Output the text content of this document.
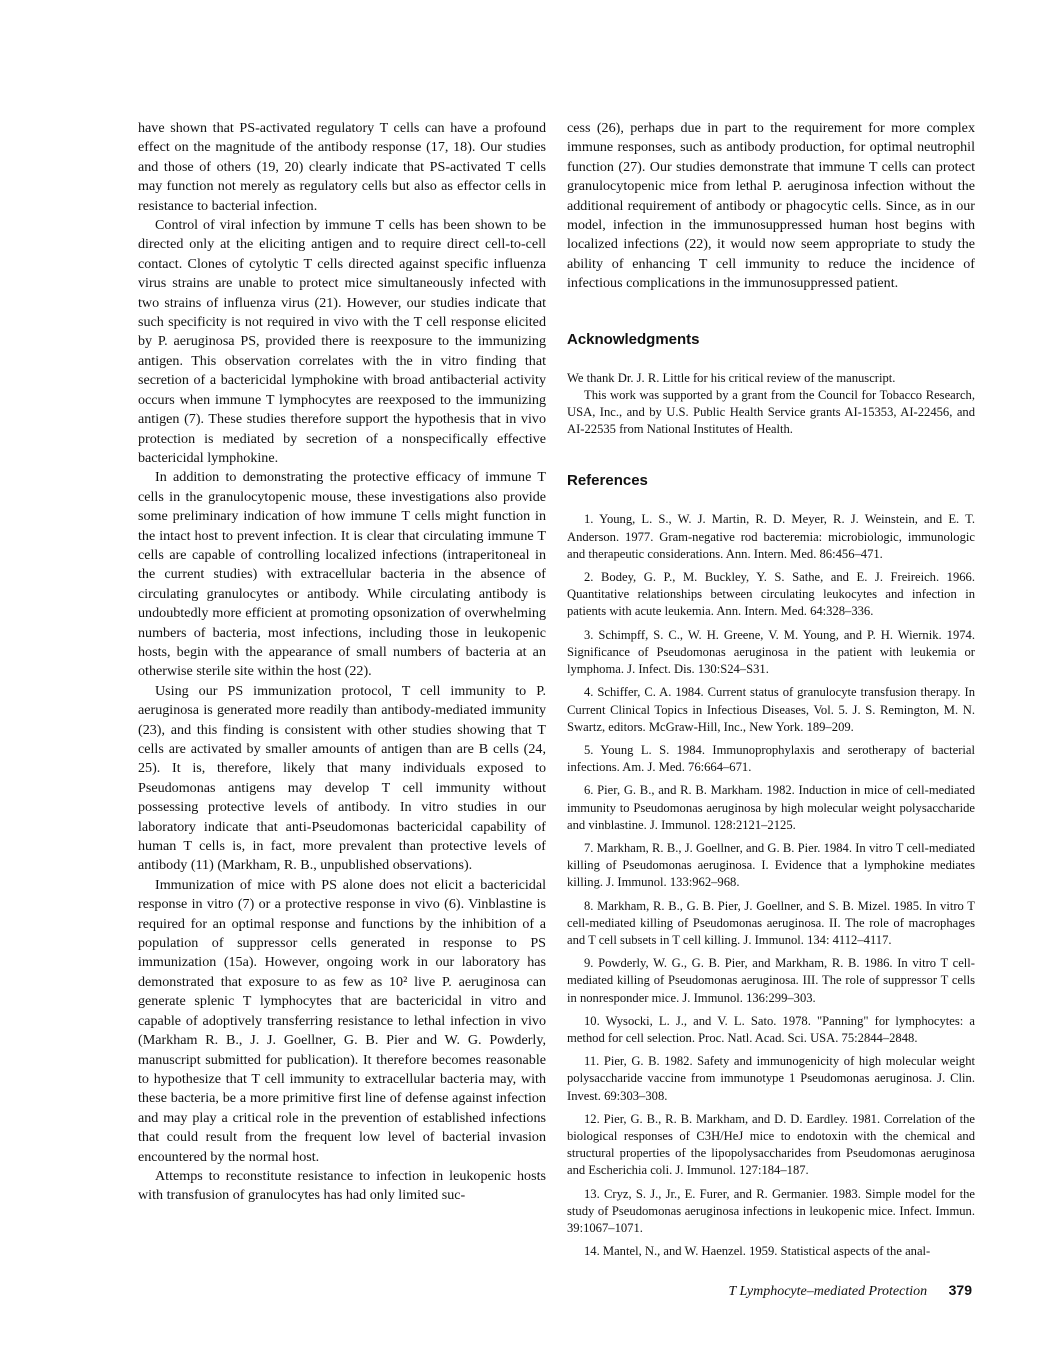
have shown that PS-activated regulatory T cells can have a profound effect on the magnitude of the antibody response (17, 18). Our studies and those of others (19, 20) clearly indicate that PS-activated T cells may function not merely as regulatory cells but also as effector cells in resistance to bacterial infection.

Control of viral infection by immune T cells has been shown to be directed only at the eliciting antigen and to require direct cell-to-cell contact. Clones of cytolytic T cells directed against specific influenza virus strains are unable to protect mice simultaneously infected with two strains of influenza virus (21). However, our studies indicate that such specificity is not required in vivo with the T cell response elicited by P. aeruginosa PS, provided there is reexposure to the immunizing antigen. This observation correlates with the in vitro finding that secretion of a bactericidal lymphokine with broad antibacterial activity occurs when immune T lymphocytes are reexposed to the immunizing antigen (7). These studies therefore support the hypothesis that in vivo protection is mediated by secretion of a nonspecifically effective bactericidal lymphokine.

In addition to demonstrating the protective efficacy of immune T cells in the granulocytopenic mouse, these investigations also provide some preliminary indication of how immune T cells might function in the intact host to prevent infection. It is clear that circulating immune T cells are capable of controlling localized infections (intraperitoneal in the current studies) with extracellular bacteria in the absence of circulating granulocytes or antibody. While circulating antibody is undoubtedly more efficient at promoting opsonization of overwhelming numbers of bacteria, most infections, including those in leukopenic hosts, begin with the appearance of small numbers of bacteria at an otherwise sterile site within the host (22).

Using our PS immunization protocol, T cell immunity to P. aeruginosa is generated more readily than antibody-mediated immunity (23), and this finding is consistent with other studies showing that T cells are activated by smaller amounts of antigen than are B cells (24, 25). It is, therefore, likely that many individuals exposed to Pseudomonas antigens may develop T cell immunity without possessing protective levels of antibody. In vitro studies in our laboratory indicate that anti-Pseudomonas bactericidal capability of human T cells is, in fact, more prevalent than protective levels of antibody (11) (Markham, R. B., unpublished observations).

Immunization of mice with PS alone does not elicit a bactericidal response in vitro (7) or a protective response in vivo (6). Vinblastine is required for an optimal response and functions by the inhibition of a population of suppressor cells generated in response to PS immunization (15a). However, ongoing work in our laboratory has demonstrated that exposure to as few as 10² live P. aeruginosa can generate splenic T lymphocytes that are bactericidal in vitro and capable of adoptively transferring resistance to lethal infection in vivo (Markham R. B., J. J. Goellner, G. B. Pier and W. G. Powderly, manuscript submitted for publication). It therefore becomes reasonable to hypothesize that T cell immunity to extracellular bacteria may, with these bacteria, be a more primitive first line of defense against infection and may play a critical role in the prevention of established infections that could result from the frequent low level of bacterial invasion encountered by the normal host.

Attemps to reconstitute resistance to infection in leukopenic hosts with transfusion of granulocytes has had only limited suc-

cess (26), perhaps due in part to the requirement for more complex immune responses, such as antibody production, for optimal neutrophil function (27). Our studies demonstrate that immune T cells can protect granulocytopenic mice from lethal P. aeruginosa infection without the additional requirement of antibody or phagocytic cells. Since, as in our model, infection in the immunosuppressed human host begins with localized infections (22), it would now seem appropriate to study the ability of enhancing T cell immunity to reduce the incidence of infectious complications in the immunosuppressed patient.

Acknowledgments

We thank Dr. J. R. Little for his critical review of the manuscript.

This work was supported by a grant from the Council for Tobacco Research, USA, Inc., and by U.S. Public Health Service grants AI-15353, AI-22456, and AI-22535 from National Institutes of Health.

References
1. Young, L. S., W. J. Martin, R. D. Meyer, R. J. Weinstein, and E. T. Anderson. 1977. Gram-negative rod bacteremia: microbiologic, immunologic and therapeutic considerations. Ann. Intern. Med. 86:456–471.
2. Bodey, G. P., M. Buckley, Y. S. Sathe, and E. J. Freireich. 1966. Quantitative relationships between circulating leukocytes and infection in patients with acute leukemia. Ann. Intern. Med. 64:328–336.
3. Schimpff, S. C., W. H. Greene, V. M. Young, and P. H. Wiernik. 1974. Significance of Pseudomonas aeruginosa in the patient with leukemia or lymphoma. J. Infect. Dis. 130:S24–S31.
4. Schiffer, C. A. 1984. Current status of granulocyte transfusion therapy. In Current Clinical Topics in Infectious Diseases, Vol. 5. J. S. Remington, M. N. Swartz, editors. McGraw-Hill, Inc., New York. 189–209.
5. Young L. S. 1984. Immunoprophylaxis and serotherapy of bacterial infections. Am. J. Med. 76:664–671.
6. Pier, G. B., and R. B. Markham. 1982. Induction in mice of cell-mediated immunity to Pseudomonas aeruginosa by high molecular weight polysaccharide and vinblastine. J. Immunol. 128:2121–2125.
7. Markham, R. B., J. Goellner, and G. B. Pier. 1984. In vitro T cell-mediated killing of Pseudomonas aeruginosa. I. Evidence that a lymphokine mediates killing. J. Immunol. 133:962–968.
8. Markham, R. B., G. B. Pier, J. Goellner, and S. B. Mizel. 1985. In vitro T cell-mediated killing of Pseudomonas aeruginosa. II. The role of macrophages and T cell subsets in T cell killing. J. Immunol. 134: 4112–4117.
9. Powderly, W. G., G. B. Pier, and Markham, R. B. 1986. In vitro T cell-mediated killing of Pseudomonas aeruginosa. III. The role of suppressor T cells in nonresponder mice. J. Immunol. 136:299–303.
10. Wysocki, L. J., and V. L. Sato. 1978. "Panning" for lymphocytes: a method for cell selection. Proc. Natl. Acad. Sci. USA. 75:2844–2848.
11. Pier, G. B. 1982. Safety and immunogenicity of high molecular weight polysaccharide vaccine from immunotype 1 Pseudomonas aeruginosa. J. Clin. Invest. 69:303–308.
12. Pier, G. B., R. B. Markham, and D. D. Eardley. 1981. Correlation of the biological responses of C3H/HeJ mice to endotoxin with the chemical and structural properties of the lipopolysaccharides from Pseudomonas aeruginosa and Escherichia coli. J. Immunol. 127:184–187.
13. Cryz, S. J., Jr., E. Furer, and R. Germanier. 1983. Simple model for the study of Pseudomonas aeruginosa infections in leukopenic mice. Infect. Immun. 39:1067–1071.
14. Mantel, N., and W. Haenzel. 1959. Statistical aspects of the anal-
T Lymphocyte–mediated Protection 379
